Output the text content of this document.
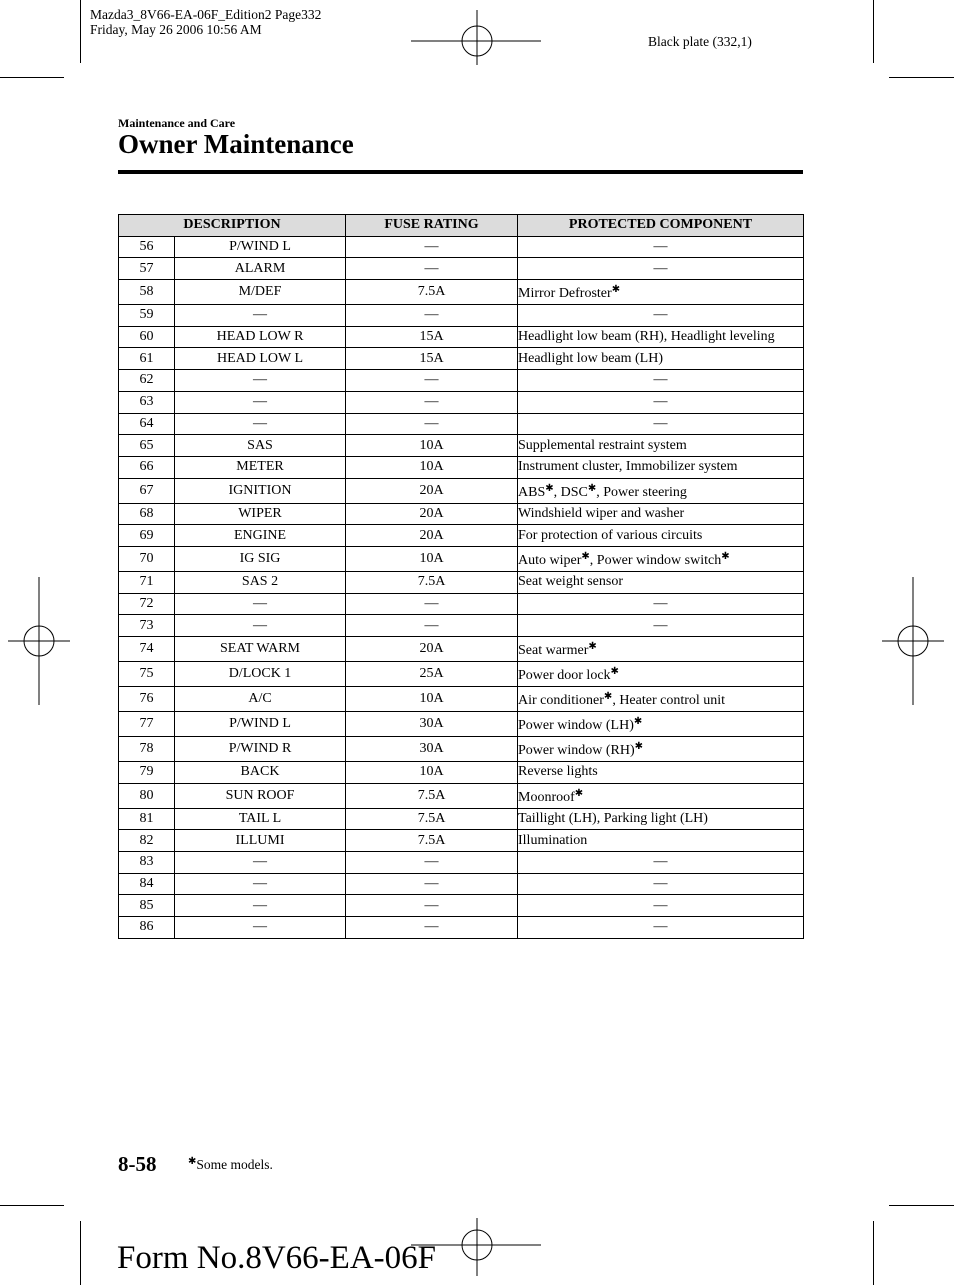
Mazda3_8V66-EA-06F_Edition2 Page332
Friday, May 26 2006 10:56 AM
Black plate (332,1)
Maintenance and Care
Owner Maintenance
DESCRIPTION		FUSE RATING	PROTECTED COMPONENT
56	P/WIND L	—	—
57	ALARM	—	—
58	M/DEF	7.5A	Mirror Defroster✱
59	—	—	—
60	HEAD LOW R	15A	Headlight low beam (RH), Headlight leveling
61	HEAD LOW L	15A	Headlight low beam (LH)
62	—	—	—
63	—	—	—
64	—	—	—
65	SAS	10A	Supplemental restraint system
66	METER	10A	Instrument cluster, Immobilizer system
67	IGNITION	20A	ABS✱, DSC✱, Power steering
68	WIPER	20A	Windshield wiper and washer
69	ENGINE	20A	For protection of various circuits
70	IG SIG	10A	Auto wiper✱, Power window switch✱
71	SAS 2	7.5A	Seat weight sensor
72	—	—	—
73	—	—	—
74	SEAT WARM	20A	Seat warmer✱
75	D/LOCK 1	25A	Power door lock✱
76	A/C	10A	Air conditioner✱, Heater control unit
77	P/WIND L	30A	Power window (LH)✱
78	P/WIND R	30A	Power window (RH)✱
79	BACK	10A	Reverse lights
80	SUN ROOF	7.5A	Moonroof✱
81	TAIL L	7.5A	Taillight (LH), Parking light (LH)
82	ILLUMI	7.5A	Illumination
83	—	—	—
84	—	—	—
85	—	—	—
86	—	—	—
8-58	✱Some models.
Form No.8V66-EA-06F
